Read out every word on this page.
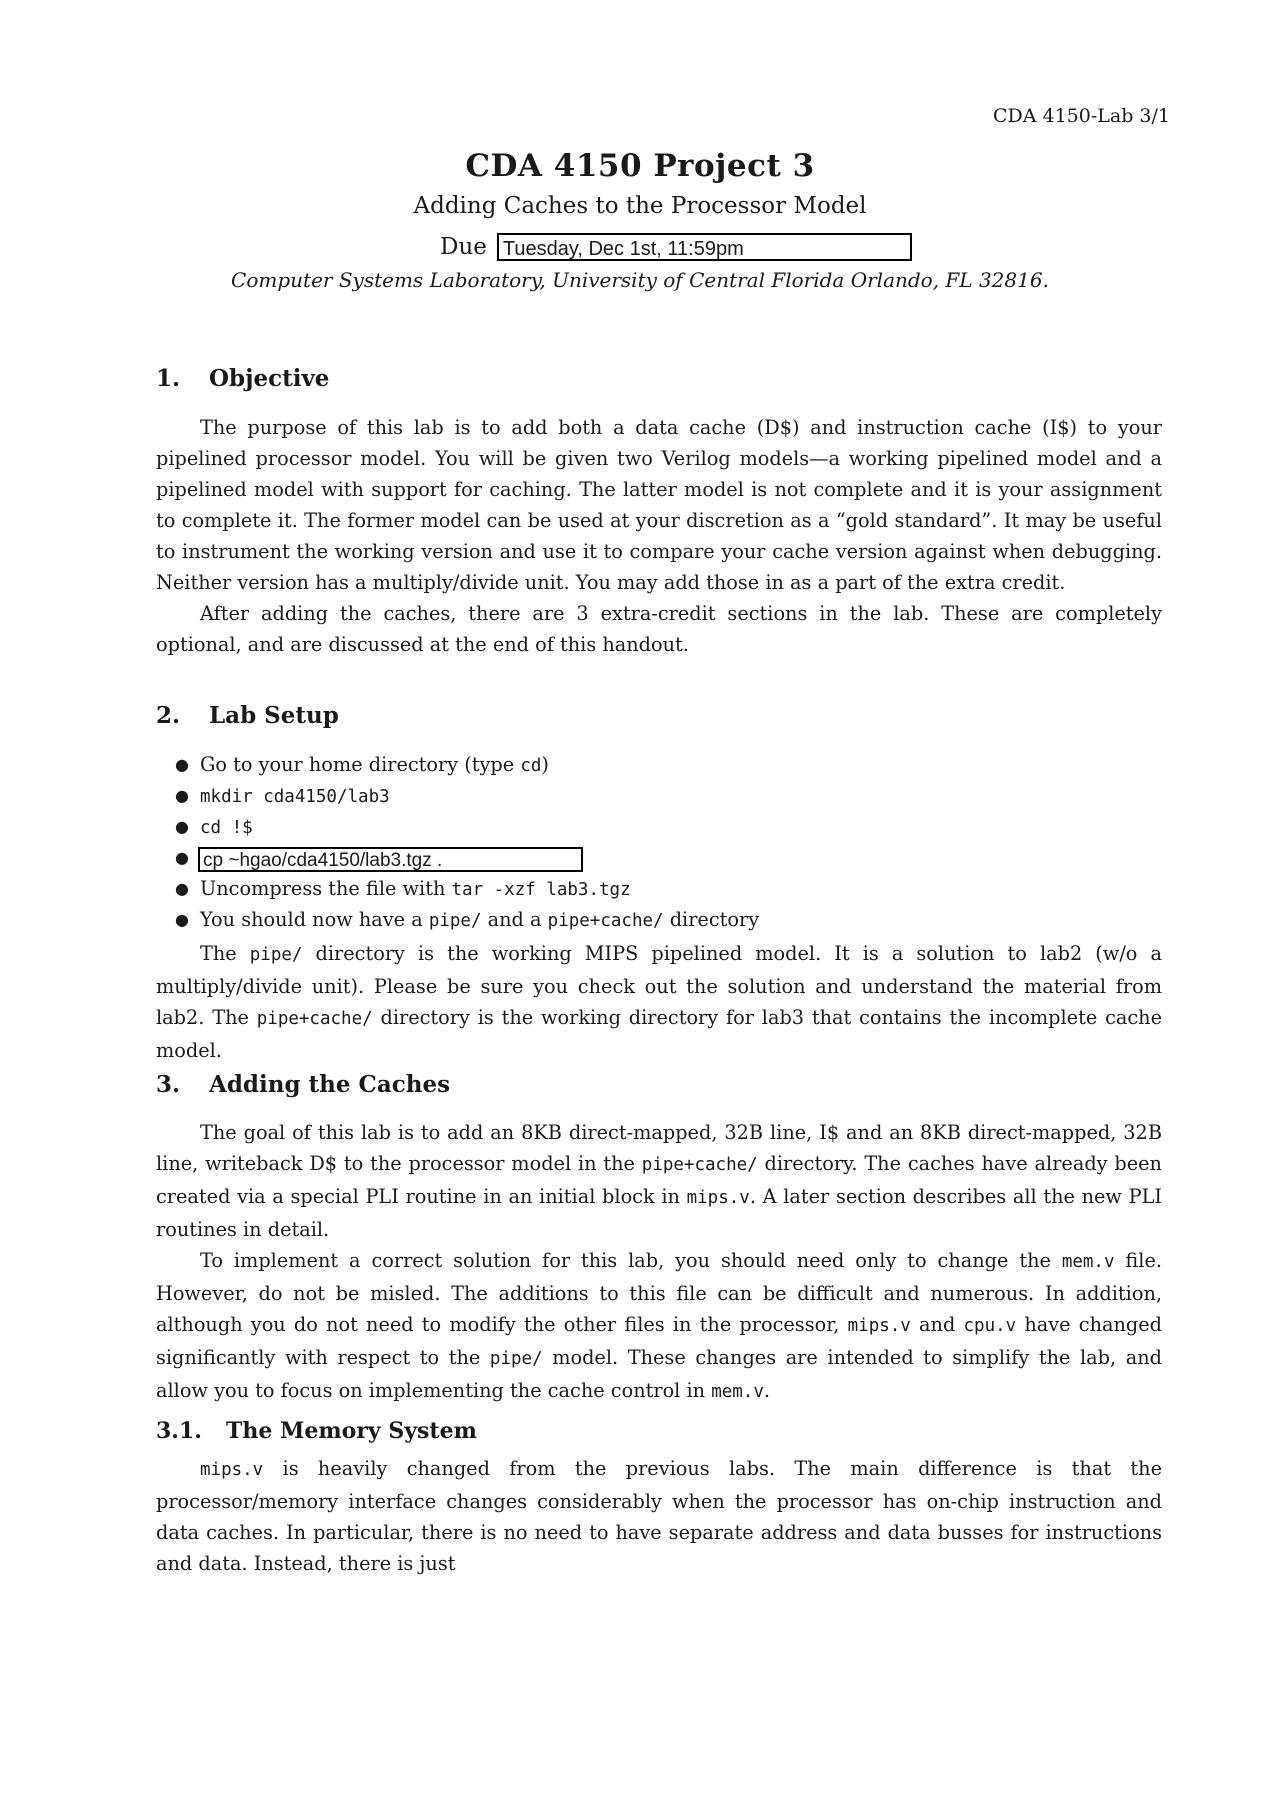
CDA 4150-Lab 3/1
CDA 4150 Project 3
Adding Caches to the Processor Model
Due Tuesday, Dec 1st, 11:59pm
Computer Systems Laboratory, University of Central Florida Orlando, FL 32816.
1. Objective

The purpose of this lab is to add both a data cache (D$) and instruction cache (I$) to your pipelined processor model. You will be given two Verilog models—a working pipelined model and a pipelined model with support for caching. The latter model is not complete and it is your assignment to complete it. The former model can be used at your discretion as a “gold standard”. It may be useful to instrument the working version and use it to compare your cache version against when debugging. Neither version has a multiply/divide unit. You may add those in as a part of the extra credit.

After adding the caches, there are 3 extra-credit sections in the lab. These are completely optional, and are discussed at the end of this handout.

2. Lab Setup
● Go to your home directory (type cd)
● mkdir cda4150/lab3
● cd !$
● cp ~hgao/cda4150/lab3.tgz .
● Uncompress the file with tar -xzf lab3.tgz
● You should now have a pipe/ and a pipe+cache/ directory

The pipe/ directory is the working MIPS pipelined model. It is a solution to lab2 (w/o a multiply/divide unit). Please be sure you check out the solution and understand the material from lab2. The pipe+cache/ directory is the working directory for lab3 that contains the incomplete cache model.

3. Adding the Caches

The goal of this lab is to add an 8KB direct-mapped, 32B line, I$ and an 8KB direct-mapped, 32B line, writeback D$ to the processor model in the pipe+cache/ directory. The caches have already been created via a special PLI routine in an initial block in mips.v. A later section describes all the new PLI routines in detail.

To implement a correct solution for this lab, you should need only to change the mem.v file. However, do not be misled. The additions to this file can be difficult and numerous. In addition, although you do not need to modify the other files in the processor, mips.v and cpu.v have changed significantly with respect to the pipe/ model. These changes are intended to simplify the lab, and allow you to focus on implementing the cache control in mem.v.

3.1. The Memory System

mips.v is heavily changed from the previous labs. The main difference is that the processor/memory interface changes considerably when the processor has on-chip instruction and data caches. In particular, there is no need to have separate address and data busses for instructions and data. Instead, there is just
